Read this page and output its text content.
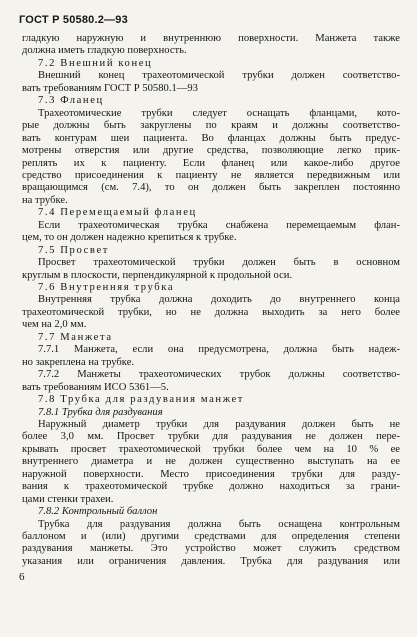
ГОСТ Р 50580.2—93
гладкую наружную и внутреннюю поверхности. Манжета также
должна иметь гладкую поверхность.
7.2 Внешний конец
Внешний конец трахеотомической трубки должен соответство-
вать требованиям ГОСТ Р 50580.1—93
7.3 Фланец
Трахеотомические трубки следует оснащать фланцами, кото-
рые должны быть закруглены по краям и должны соответство-
вать контурам шеи пациента. Во фланцах должны быть предус-
мотрены отверстия или другие средства, позволяющие легко прик-
реплять их к пациенту. Если фланец или какое-либо другое
средство присоединения к пациенту не является передвижным или
вращающимся (см. 7.4), то он должен быть закреплен постоянно
на трубке.
7.4 Перемещаемый фланец
Если трахеотомическая трубка снабжена перемещаемым флан-
цем, то он должен надежно крепиться к трубке.
7.5 Просвет
Просвет трахеотомической трубки должен быть в основном
круглым в плоскости, перпендикулярной к продольной оси.
7.6 Внутренняя трубка
Внутренняя трубка должна доходить до внутреннего конца
трахеотомической трубки, но не должна выходить за него более
чем на 2,0 мм.
7.7 Манжета
7.7.1 Манжета, если она предусмотрена, должна быть надеж-
но закреплена на трубке.
7.7.2 Манжеты трахеотомических трубок должны соответство-
вать требованиям ИСО 5361—5.
7.8 Трубка для раздувания манжет
7.8.1 Трубка для раздувания
Наружный диаметр трубки для раздувания должен быть не
более 3,0 мм. Просвет трубки для раздувания не должен пере-
крывать просвет трахеотомической трубки более чем на 10 % ее
внутреннего диаметра и не должен существенно выступать на ее
наружной поверхности. Место присоединения трубки для разду-
вания к трахеотомической трубке должно находиться за грани-
цами стенки трахеи.
7.8.2 Контрольный баллон
Трубка для раздувания должна быть оснащена контрольным
баллоном и (или) другими средствами для определения степени
раздувания манжеты. Это устройство может служить средством
указания или ограничения давления. Трубка для раздувания или
6
